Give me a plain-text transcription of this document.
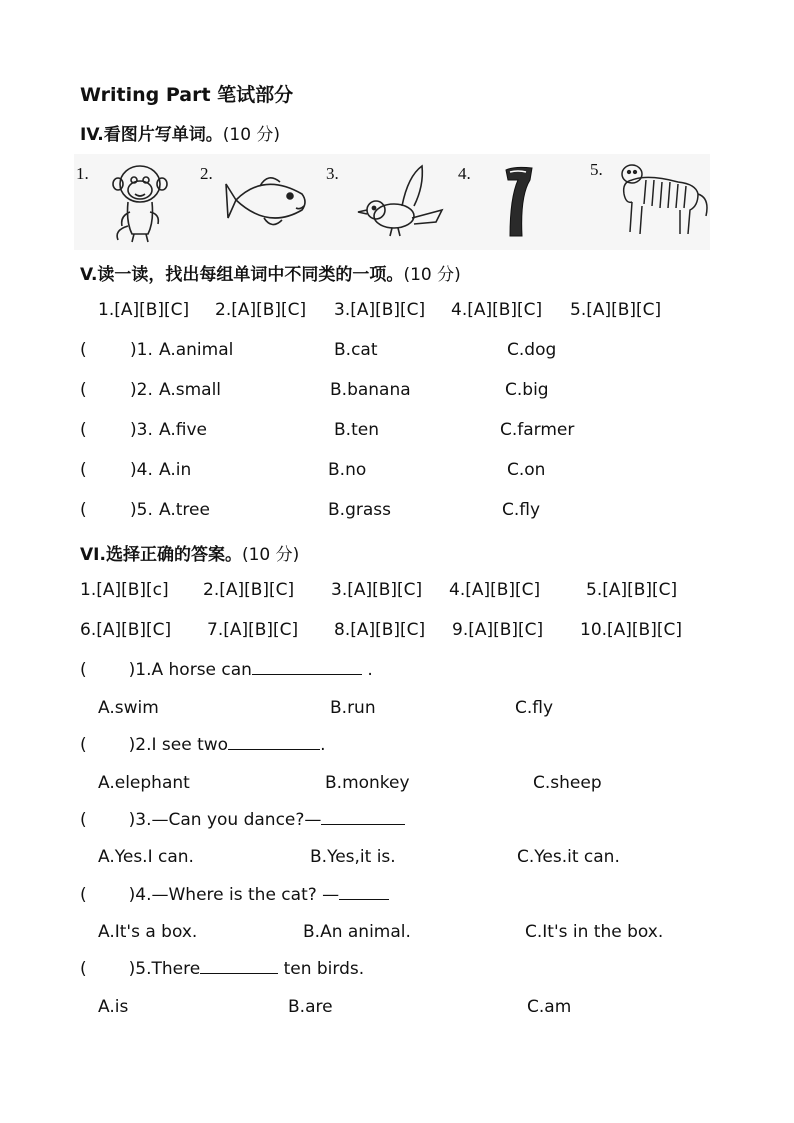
Writing Part 笔试部分
IV.看图片写单词。(10 分)
1.	2.	3.	4.	5.
V.读一读，找出每组单词中不同类的一项。(10 分)
1.[A][B][C] 2.[A][B][C] 3.[A][B][C] 4.[A][B][C] 5.[A][B][C]
(	)1. A.animal	B.cat	C.dog
(	)2. A.small	B.banana	C.big
(	)3. A.five	B.ten	C.farmer
(	)4. A.in	B.no	C.on
(	)5. A.tree	B.grass	C.fly
VI.选择正确的答案。(10 分)
1.[A][B][c] 2.[A][B][C] 3.[A][B][C] 4.[A][B][C]	5.[A][B][C]
6.[A][B][C] 7.[A][B][C] 8.[A][B][C] 9.[A][B][C] 10.[A][B][C]
( )1.A horse can	.
A.swim	B.run	C.fly
( )2.I see two	.
A.elephant	B.monkey	C.sheep
( )3.—Can you dance?—
A.Yes.I can.	B.Yes,it is.	C.Yes.it can.
( )4.—Where is the cat? —
A.It's a box.	B.An animal.	C.It's in the box.
( )5.There	ten birds.
A.is	B.are	C.am
